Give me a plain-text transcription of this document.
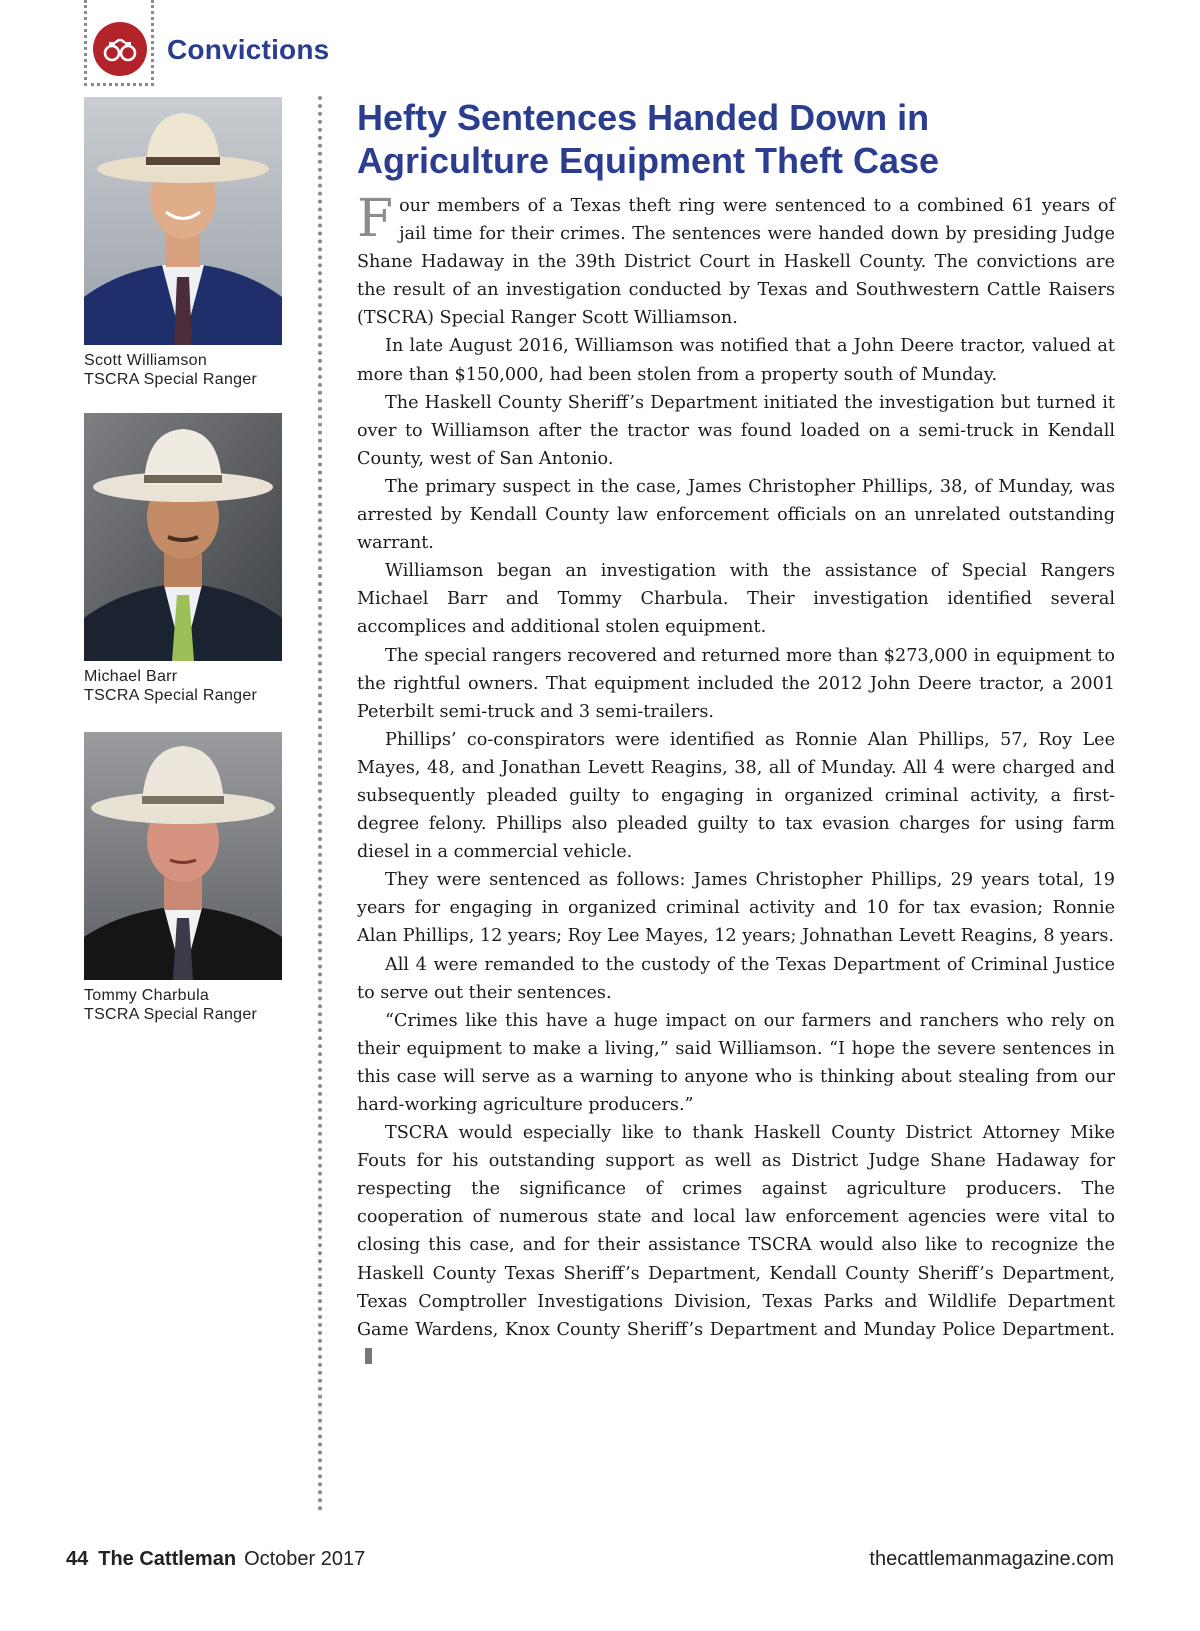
Convictions
Scott Williamson
TSCRA Special Ranger
Michael Barr
TSCRA Special Ranger
Tommy Charbula
TSCRA Special Ranger
Hefty Sentences Handed Down in Agriculture Equipment Theft Case

Four members of a Texas theft ring were sentenced to a combined 61 years of jail time for their crimes. The sentences were handed down by presiding Judge Shane Hadaway in the 39th District Court in Haskell County. The convictions are the result of an investigation conducted by Texas and Southwestern Cattle Raisers (TSCRA) Special Ranger Scott Williamson.

In late August 2016, Williamson was notified that a John Deere tractor, valued at more than $150,000, had been stolen from a property south of Munday.

The Haskell County Sheriff’s Department initiated the investigation but turned it over to Williamson after the tractor was found loaded on a semi-truck in Kendall County, west of San Antonio.

The primary suspect in the case, James Christopher Phillips, 38, of Munday, was arrested by Kendall County law enforcement officials on an unrelated outstanding warrant.

Williamson began an investigation with the assistance of Special Rangers Michael Barr and Tommy Charbula. Their investigation identified several accomplices and additional stolen equipment.

The special rangers recovered and returned more than $273,000 in equipment to the rightful owners. That equipment included the 2012 John Deere tractor, a 2001 Peterbilt semi-truck and 3 semi-trailers.

Phillips’ co-conspirators were identified as Ronnie Alan Phillips, 57, Roy Lee Mayes, 48, and Jonathan Levett Reagins, 38, all of Munday. All 4 were charged and subsequently pleaded guilty to engaging in organized criminal activity, a first-degree felony. Phillips also pleaded guilty to tax evasion charges for using farm diesel in a commercial vehicle.

They were sentenced as follows: James Christopher Phillips, 29 years total, 19 years for engaging in organized criminal activity and 10 for tax evasion; Ronnie Alan Phillips, 12 years; Roy Lee Mayes, 12 years; Johnathan Levett Reagins, 8 years.

All 4 were remanded to the custody of the Texas Department of Criminal Justice to serve out their sentences.

“Crimes like this have a huge impact on our farmers and ranchers who rely on their equipment to make a living,” said Williamson. “I hope the severe sentences in this case will serve as a warning to anyone who is thinking about stealing from our hard-working agriculture producers.”

TSCRA would especially like to thank Haskell County District Attorney Mike Fouts for his outstanding support as well as District Judge Shane Hadaway for respecting the significance of crimes against agriculture producers. The cooperation of numerous state and local law enforcement agencies were vital to closing this case, and for their assistance TSCRA would also like to recognize the Haskell County Texas Sheriff’s Department, Kendall County Sheriff’s Department, Texas Comptroller Investigations Division, Texas Parks and Wildlife Department Game Wardens, Knox County Sheriff’s Department and Munday Police Department.

44 The Cattleman October 2017	thecattlemanmagazine.com
